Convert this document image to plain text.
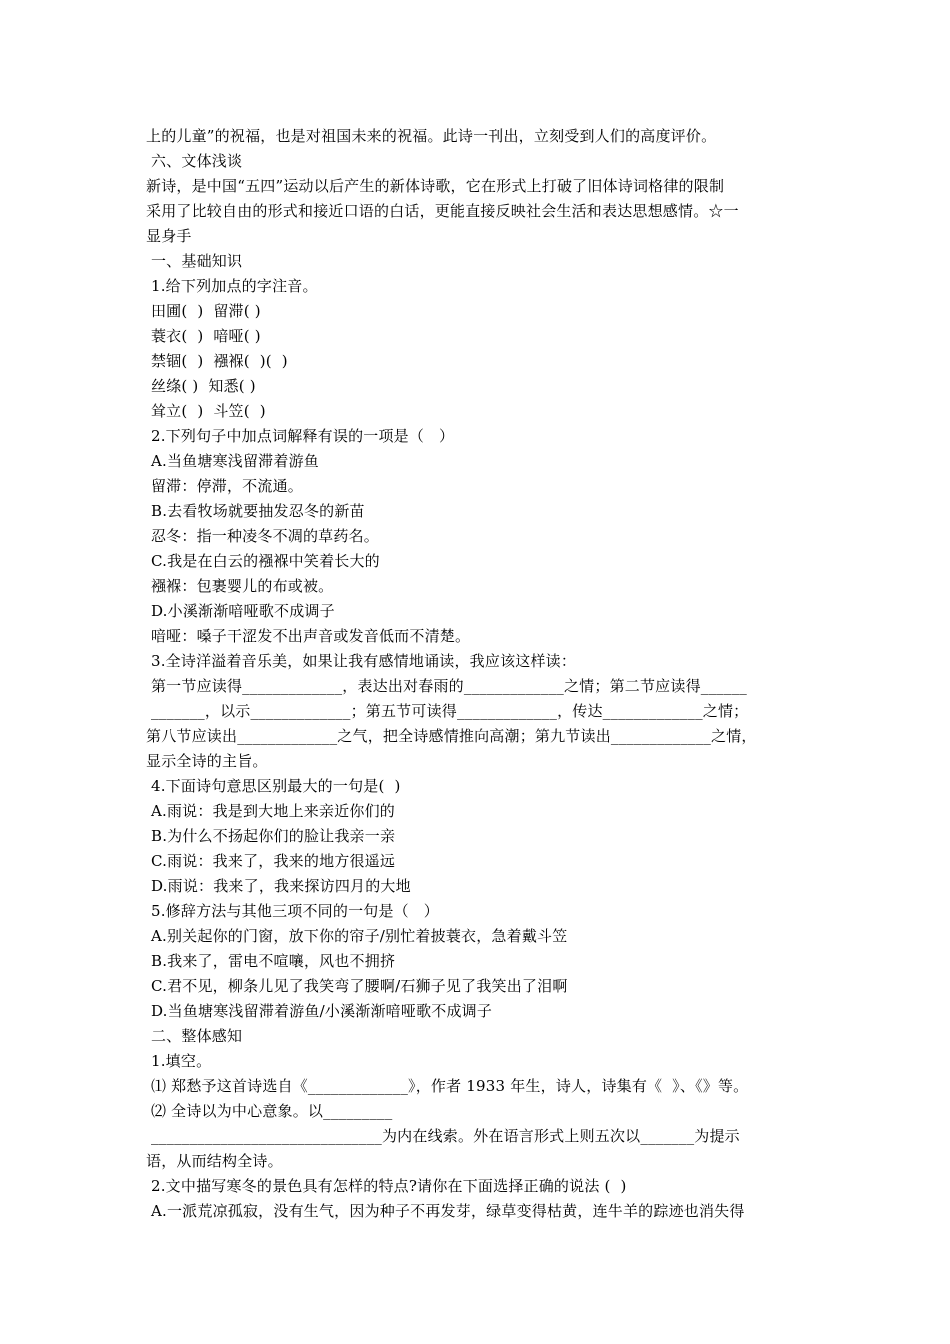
上的儿童”的祝福，也是对祖国未来的祝福。此诗一刊出，立刻受到人们的高度评价。
六、文体浅谈
新诗，是中国“五四”运动以后产生的新体诗歌，它在形式上打破了旧体诗词格律的限制
采用了比较自由的形式和接近口语的白话，更能直接反映社会生活和表达思想感情。☆一
显身手
一、基础知识
1.给下列加点的字注音。
田圃(  )  留滞( )
蓑衣(  )  喑哑( )
禁锢(  )  襁褓(  )(  )
丝绦( )  知悉( )
耸立(  )  斗笠(  )
2.下列句子中加点词解释有误的一项是（   ）
A.当鱼塘寒浅留滞着游鱼
留滞：停滞，不流通。
B.去看牧场就要抽发忍冬的新苗
忍冬：指一种凌冬不凋的草药名。
C.我是在白云的襁褓中笑着长大的
襁褓：包裹婴儿的布或被。
D.小溪渐渐喑哑歌不成调子
喑哑：嗓子干涩发不出声音或发音低而不清楚。
3.全诗洋溢着音乐美，如果让我有感情地诵读，我应该这样读：
第一节应读得_____________，表达出对春雨的_____________之情；第二节应读得______
_______，以示_____________；第五节可读得_____________，传达_____________之情；
第八节应读出_____________之气，把全诗感情推向高潮；第九节读出_____________之情，
显示全诗的主旨。
4.下面诗句意思区别最大的一句是(  )
A.雨说：我是到大地上来亲近你们的
B.为什么不扬起你们的脸让我亲一亲
C.雨说：我来了，我来的地方很遥远
D.雨说：我来了，我来探访四月的大地
5.修辞方法与其他三项不同的一句是（   ）
A.别关起你的门窗，放下你的帘子/别忙着披蓑衣，急着戴斗笠
B.我来了，雷电不喧嚷，风也不拥挤
C.君不见，柳条儿见了我笑弯了腰啊/石狮子见了我笑出了泪啊
D.当鱼塘寒浅留滞着游鱼/小溪渐渐喑哑歌不成调子
二、整体感知
1.填空。
⑴ 郑愁予这首诗选自《_____________》，作者 1933 年生，诗人，诗集有《  》、《》等。
⑵ 全诗以为中心意象。以_________
______________________________为内在线索。外在语言形式上则五次以_______为提示
语，从而结构全诗。
2.文中描写寒冬的景色具有怎样的特点?请你在下面选择正确的说法 (  )
A.一派荒凉孤寂，没有生气，因为种子不再发芽，绿草变得枯黄，连牛羊的踪迹也消失得
